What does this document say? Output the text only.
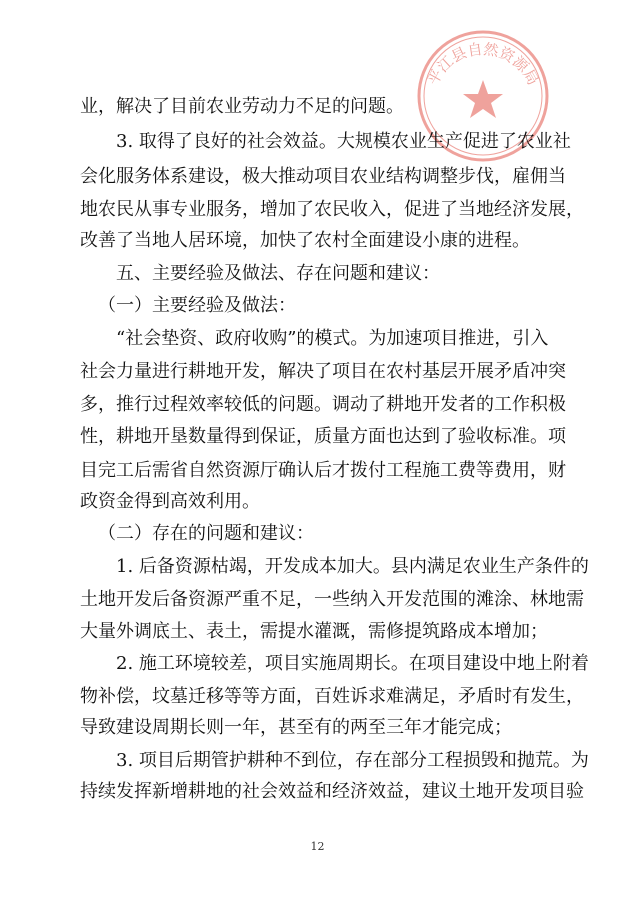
平江县自然资源局

业，解决了目前农业劳动力不足的问题。

3. 取得了良好的社会效益。大规模农业生产促进了农业社

会化服务体系建设，极大推动项目农业结构调整步伐，雇佣当

地农民从事专业服务，增加了农民收入，促进了当地经济发展，

改善了当地人居环境，加快了农村全面建设小康的进程。

五、主要经验及做法、存在问题和建议：

（一）主要经验及做法：

“社会垫资、政府收购”的模式。为加速项目推进，引入

社会力量进行耕地开发，解决了项目在农村基层开展矛盾冲突

多，推行过程效率较低的问题。调动了耕地开发者的工作积极

性，耕地开垦数量得到保证，质量方面也达到了验收标准。项

目完工后需省自然资源厅确认后才拨付工程施工费等费用，财

政资金得到高效利用。

（二）存在的问题和建议：

1. 后备资源枯竭，开发成本加大。县内满足农业生产条件的

土地开发后备资源严重不足，一些纳入开发范围的滩涂、林地需

大量外调底土、表土，需提水灌溉，需修提筑路成本增加；

2. 施工环境较差，项目实施周期长。在项目建设中地上附着

物补偿，坟墓迁移等等方面，百姓诉求难满足，矛盾时有发生，

导致建设周期长则一年，甚至有的两至三年才能完成；

3. 项目后期管护耕种不到位，存在部分工程损毁和抛荒。为

持续发挥新增耕地的社会效益和经济效益，建议土地开发项目验

12
